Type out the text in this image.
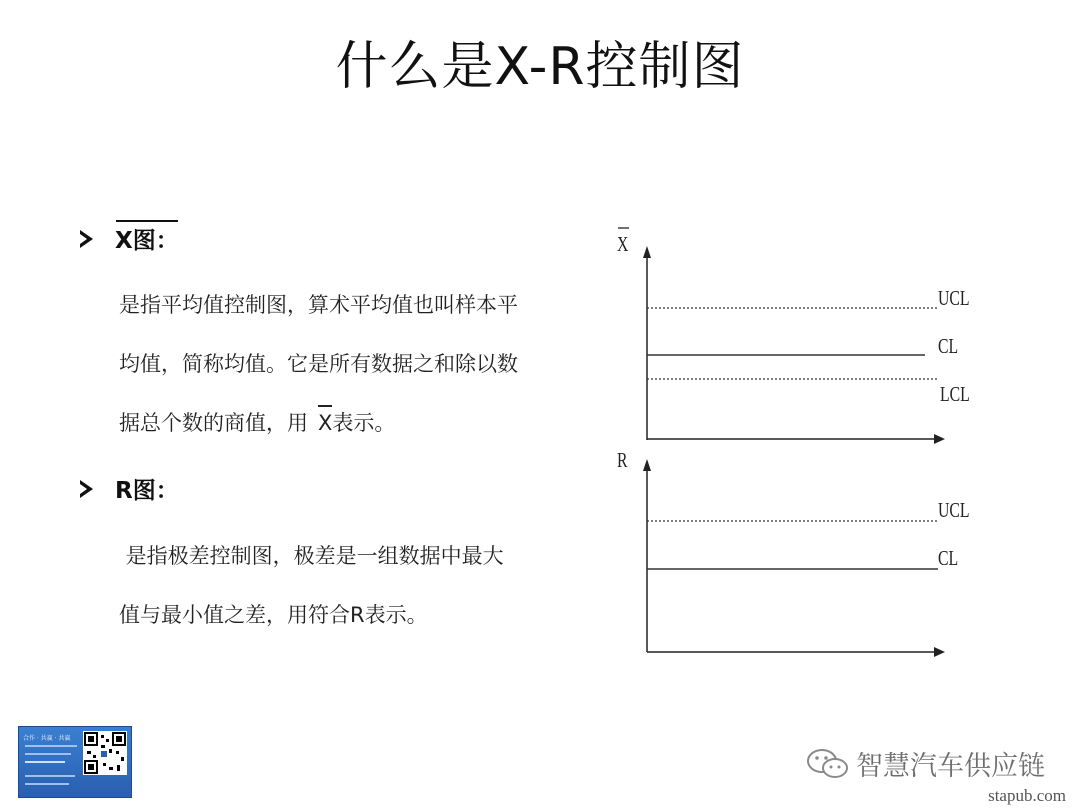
什么是X-R控制图
X图：
是指平均值控制图，算术平均值也叫样本平
均值，简称均值。它是所有数据之和除以数
据总个数的商值，用 X表示。
R图：
是指极差控制图，极差是一组数据中最大
值与最小值之差，用符合R表示。
X
UCL
CL
LCL
R
UCL
CL
合作 · 共赢 · 共赢
智慧汽车供应链
stapub.com
